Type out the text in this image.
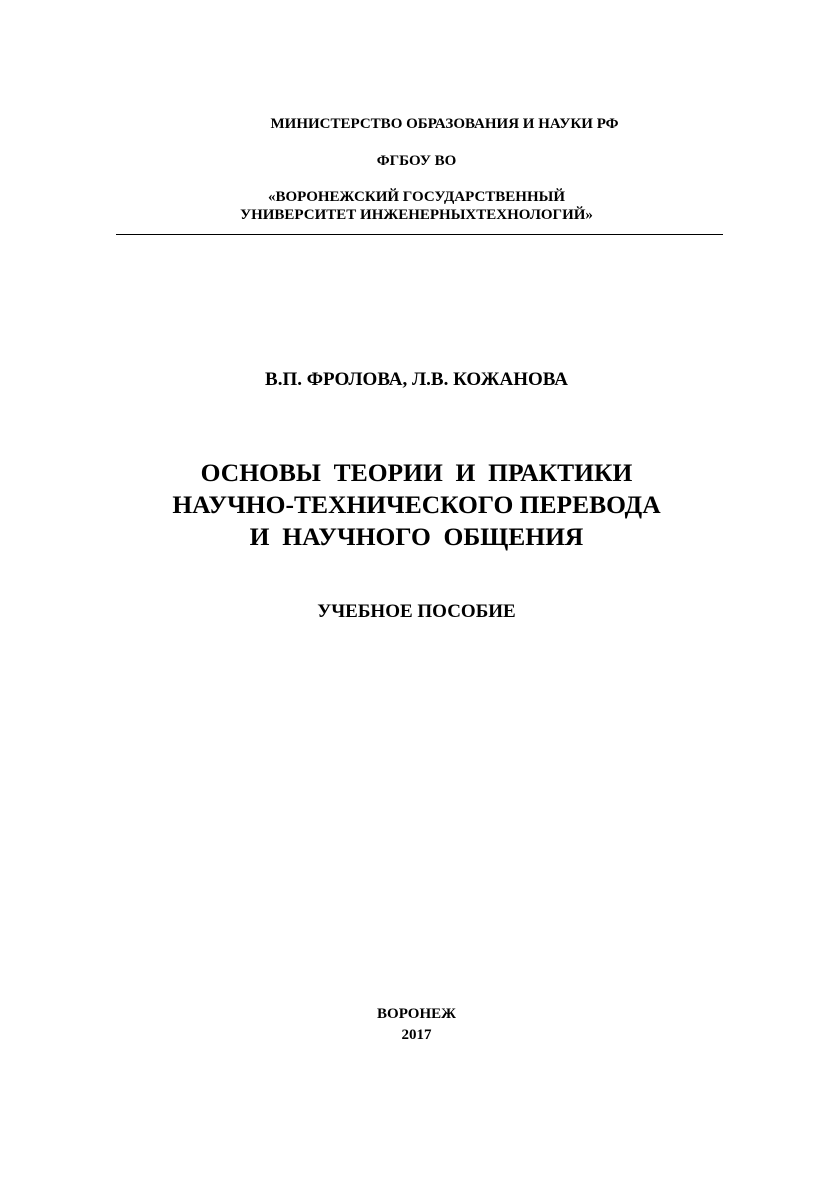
МИНИСТЕРСТВО ОБРАЗОВАНИЯ И НАУКИ РФ
ФГБОУ ВО
«ВОРОНЕЖСКИЙ ГОСУДАРСТВЕННЫЙ
УНИВЕРСИТЕТ ИНЖЕНЕРНЫХТЕХНОЛОГИЙ»
В.П. ФРОЛОВА, Л.В. КОЖАНОВА
ОСНОВЫ  ТЕОРИИ  И  ПРАКТИКИ
НАУЧНО-ТЕХНИЧЕСКОГО ПЕРЕВОДА
И  НАУЧНОГО  ОБЩЕНИЯ
УЧЕБНОЕ ПОСОБИЕ
ВОРОНЕЖ
2017
